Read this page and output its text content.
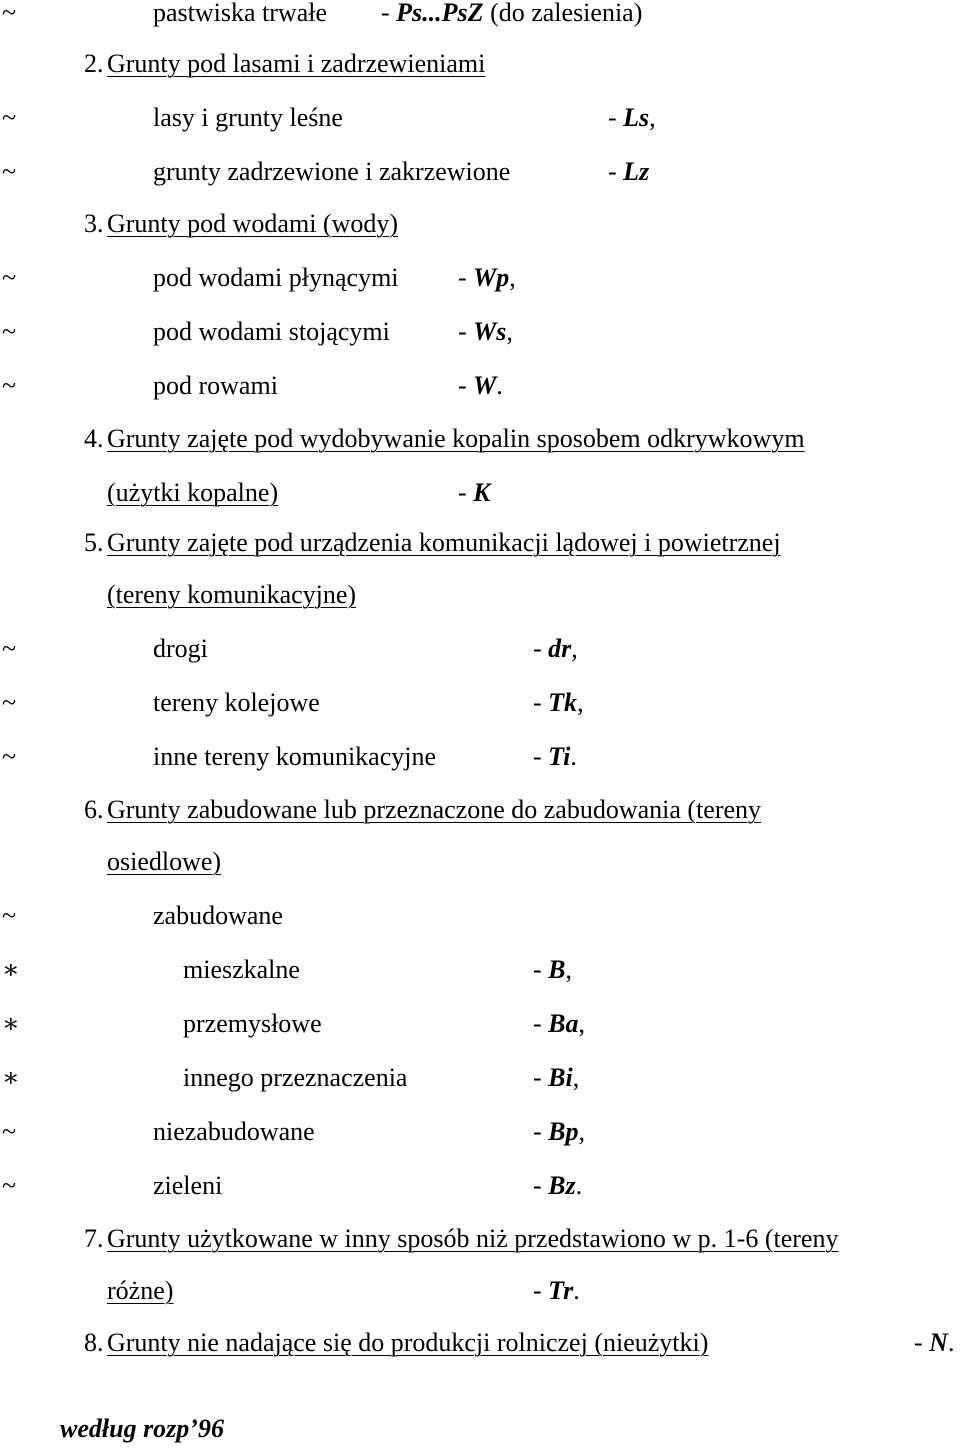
~	pastwiska trwałe - Ps...PsZ (do zalesienia)
2. Grunty pod lasami i zadrzewieniami
~	lasy i grunty leśne	- Ls,
~	grunty zadrzewione i zakrzewione	- Lz
3. Grunty pod wodami (wody)
~	pod wodami płynącymi - Wp,
~	pod wodami stojącymi	- Ws,
~	pod rowami	- W.
4. Grunty zajęte pod wydobywanie kopalin sposobem odkrywkowym
(użytki kopalne)	- K
5. Grunty zajęte pod urządzenia komunikacji lądowej i powietrznej
(tereny komunikacyjne)
~	drogi	- dr,
~	tereny kolejowe	- Tk,
~	inne tereny komunikacyjne	- Ti.
6. Grunty zabudowane lub przeznaczone do zabudowania (tereny
osiedlowe)
~	zabudowane
∗	mieszkalne	- B,
∗	przemysłowe	- Ba,
∗	innego przeznaczenia	- Bi,
~	niezabudowane	- Bp,
~	zieleni	- Bz.
7. Grunty użytkowane w inny sposób niż przedstawiono w p. 1-6 (tereny
różne)	- Tr.
8. Grunty nie nadające się do produkcji rolniczej (nieużytki)	- N.
według rozp’96
